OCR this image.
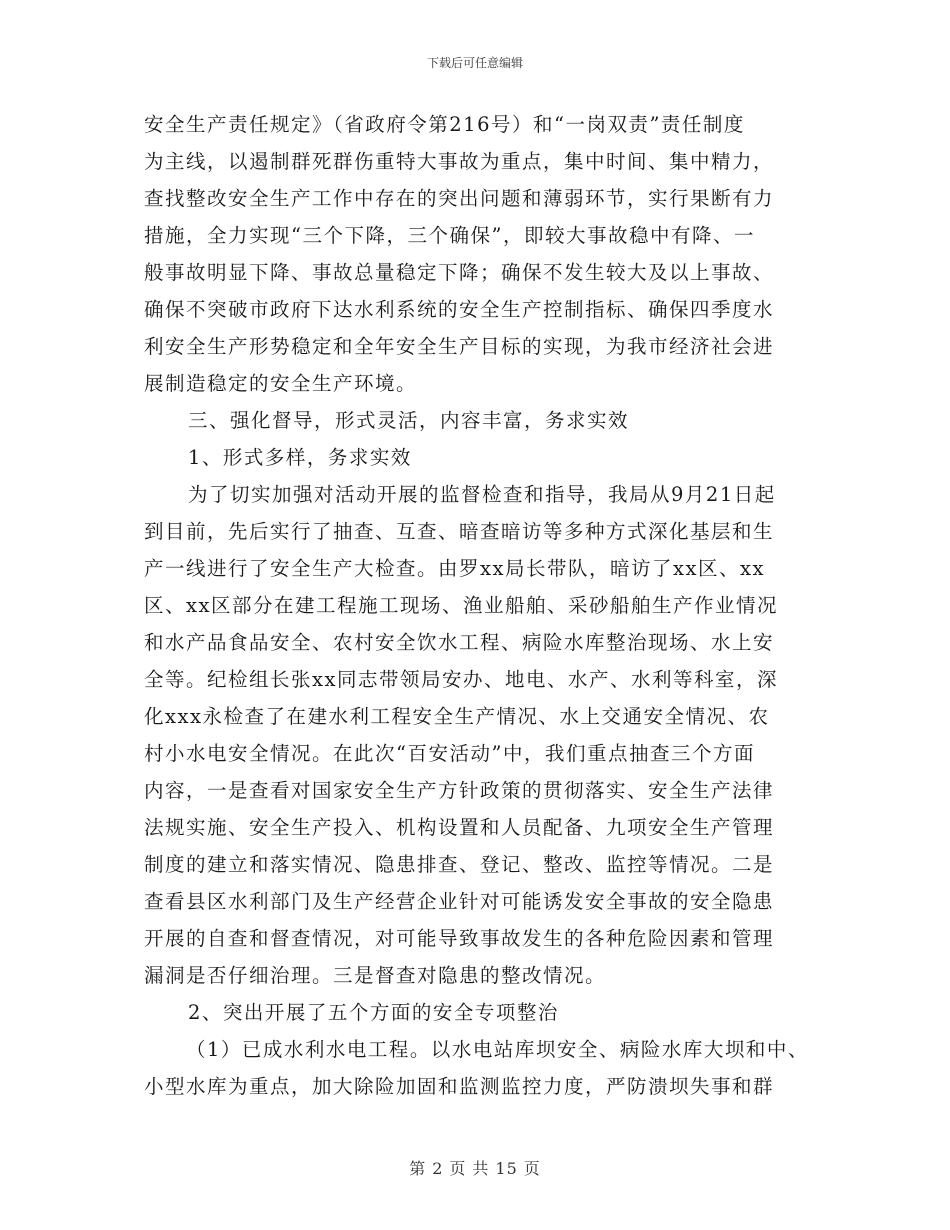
下载后可任意编辑
安全生产责任规定》（省政府令第216号）和“一岗双责”责任制度
为主线，以遏制群死群伤重特大事故为重点，集中时间、集中精力，
查找整改安全生产工作中存在的突出问题和薄弱环节，实行果断有力
措施，全力实现“三个下降，三个确保”，即较大事故稳中有降、一
般事故明显下降、事故总量稳定下降；确保不发生较大及以上事故、
确保不突破市政府下达水利系统的安全生产控制指标、确保四季度水
利安全生产形势稳定和全年安全生产目标的实现，为我市经济社会进
展制造稳定的安全生产环境。
三、强化督导，形式灵活，内容丰富，务求实效
1、形式多样，务求实效
为了切实加强对活动开展的监督检查和指导，我局从9月21日起
到目前，先后实行了抽查、互查、暗查暗访等多种方式深化基层和生
产一线进行了安全生产大检查。由罗xx局长带队，暗访了xx区、xx
区、xx区部分在建工程施工现场、渔业船舶、采砂船舶生产作业情况
和水产品食品安全、农村安全饮水工程、病险水库整治现场、水上安
全等。纪检组长张xx同志带领局安办、地电、水产、水利等科室，深
化xxx永检查了在建水利工程安全生产情况、水上交通安全情况、农
村小水电安全情况。在此次“百安活动”中，我们重点抽查三个方面
内容，一是查看对国家安全生产方针政策的贯彻落实、安全生产法律
法规实施、安全生产投入、机构设置和人员配备、九项安全生产管理
制度的建立和落实情况、隐患排查、登记、整改、监控等情况。二是
查看县区水利部门及生产经营企业针对可能诱发安全事故的安全隐患
开展的自查和督查情况，对可能导致事故发生的各种危险因素和管理
漏洞是否仔细治理。三是督查对隐患的整改情况。
2、突出开展了五个方面的安全专项整治
（1）已成水利水电工程。以水电站库坝安全、病险水库大坝和中、
小型水库为重点，加大除险加固和监测监控力度，严防溃坝失事和群
第 2 页 共 15 页
